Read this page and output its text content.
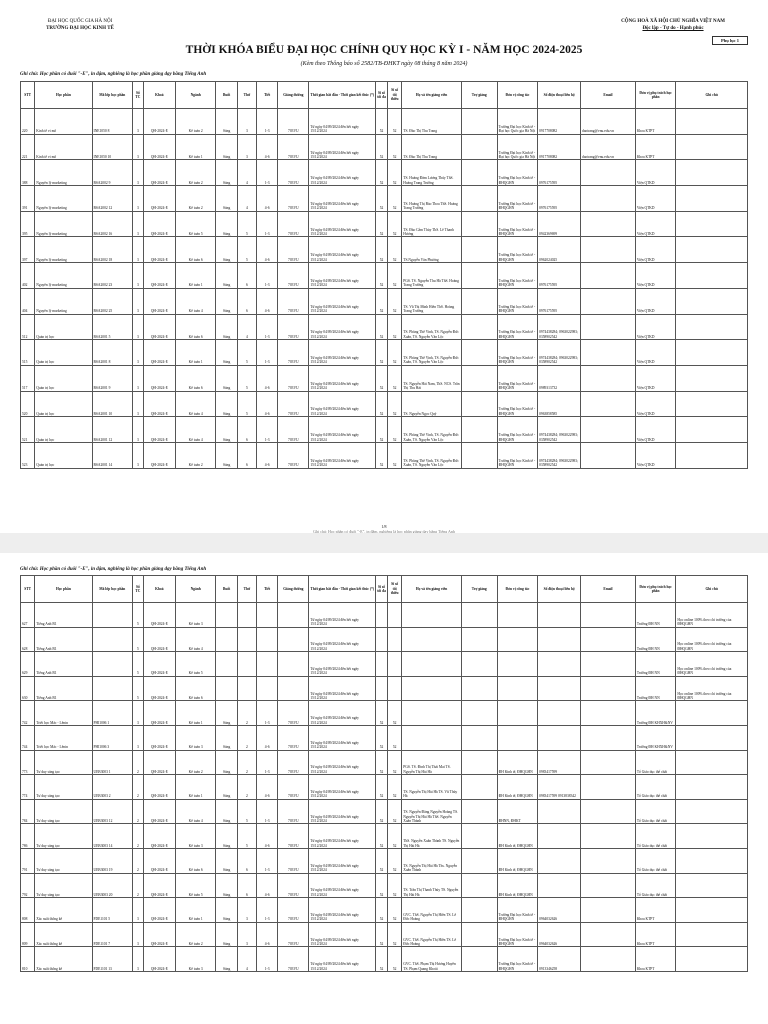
ĐẠI HỌC QUỐC GIA HÀ NỘI
TRƯỜNG ĐẠI HỌC KINH TẾ
CỘNG HOÀ XÃ HỘI CHỦ NGHĨA VIỆT NAM
Độc lập - Tự do - Hạnh phúc
Phụ lục 1
THỜI KHÓA BIỂU ĐẠI HỌC CHÍNH QUY HỌC KỲ I - NĂM HỌC 2024-2025
(Kèm theo Thông báo số 2582/TB-ĐHKT ngày 08 tháng 8 năm 2024)
Ghi chú: Học phần có đuôi "-E", in đậm, nghiêng là học phần giảng dạy bằng Tiếng Anh
STT	Học phần	Mã lớp học phần	Số TC	Khoá	Ngành	Buổi	Thứ	Tiết	Giảng đường	Thời gian bắt đầu - Thời gian kết thúc (*)	Sĩ số tối đa	Sĩ số tối thiểu	Họ và tên giảng viên	Trợ giảng	Đơn vị công tác	Số điện thoại liên hệ	Email	Đơn vị phụ trách học phần	Ghi chú
220	Kinh tế vi mô	INE1050 8	3	QH-2024-E	Kế toán 2	Sáng	3	1-3	703VU	Từ ngày 04/09/2024 đến hết ngày 15/12/2024	52	52	TS. Đào Thị Thu Trang		Trường Đại học Kinh tế - Đại học Quốc gia Hà Nội	0917708082	daotrang@vnu.edu.vn	Khoa KTPT	
221	Kinh tế vi mô	INE1050 10	3	QH-2024-E	Kế toán 1	Sáng	3	4-6	703VU	Từ ngày 04/09/2024 đến hết ngày 15/12/2024	52	52	TS. Đào Thị Thu Trang		Trường Đại học Kinh tế - Đại học Quốc gia Hà Nội	0917708082	daotrang@vnu.edu.vn	Khoa KTPT	
388	Nguyên lý marketing	BSA2002 9	3	QH-2024-E	Kế toán 2	Sáng	4	1-3	703VU	Từ ngày 04/09/2024 đến hết ngày 15/12/2024	52	52	TS. Hoàng Đàm Lương Thúy ThS. Hoàng Trang Trường		Trường Đại học Kinh tế - ĐHQGHN	0976175595		Viện QTKD	
391	Nguyên lý marketing	BSA2002 12	3	QH-2024-E	Kế toán 2	Sáng	4	4-6	703VU	Từ ngày 04/09/2024 đến hết ngày 15/12/2024	52	52	TS. Hoàng Thị Bảo Thoa ThS. Hoàng Trang Trường		Trường Đại học Kinh tế - ĐHQGHN	0976175595		Viện QTKD	
395	Nguyên lý marketing	BSA2002 16	3	QH-2024-E	Kế toán 5	Sáng	5	1-3	703VU	Từ ngày 04/09/2024 đến hết ngày 15/12/2024	52	52	TS. Đào Cẩm Thủy ThS. Lê Thanh Hương		Trường Đại học Kinh tế - ĐHQGHN	0942369699		Viện QTKD	
397	Nguyên lý marketing	BSA2002 18	3	QH-2024-E	Kế toán 6	Sáng	5	4-6	703VU	Từ ngày 04/09/2024 đến hết ngày 15/12/2024	52	52	TS.Nguyễn Văn Phương		Trường Đại học Kinh tế - ĐHQGHN	0962024025		Viện QTKD	
402	Nguyên lý marketing	BSA2002 23	3	QH-2024-E	Kế toán 1	Sáng	6	1-3	703VU	Từ ngày 04/09/2024 đến hết ngày 15/12/2024	52	52	PGS. TS. Nguyễn Thu Hà ThS. Hoàng Trang Trường		Trường Đại học Kinh tế - ĐHQGHN	0976175595		Viện QTKD	
404	Nguyên lý marketing	BSA2002 25	3	QH-2024-E	Kế toán 4	Sáng	6	4-6	703VU	Từ ngày 04/09/2024 đến hết ngày 15/12/2024	52	52	TS. Vũ Thị Minh Hiền ThS. Hoàng Trang Trường		Trường Đại học Kinh tế - ĐHQGHN	0976175595		Viện QTKD	
512	Quản trị học	BSA2001 5	3	QH-2024-E	Kế toán 6	Sáng	4	1-3	703VU	Từ ngày 04/09/2024 đến hết ngày 15/12/2024	52	52	TS. Phùng Thế Vinh, TS. Nguyễn Đức Xuân, TS. Nguyễn Văn Lộc		Trường Đại học Kinh tế - ĐHQGHN	0974438284; 0963022983; 0358902542		Viện QTKD	
515	Quản trị học	BSA2001 8	3	QH-2024-E	Kế toán 1	Sáng	5	1-3	703VU	Từ ngày 04/09/2024 đến hết ngày 15/12/2024	52	52	TS. Phùng Thế Vinh, TS. Nguyễn Đức Xuân, TS. Nguyễn Văn Lộc		Trường Đại học Kinh tế - ĐHQGHN	0974438284; 0963022983; 0358902542		Viện QTKD	
517	Quản trị học	BSA2001 9	3	QH-2024-E	Kế toán 6	Sáng	5	4-6	703VU	Từ ngày 04/09/2024 đến hết ngày 15/12/2024	52	52	TS. Nguyễn Hải Nam, ThS. NCS. Trần Thị Thu Hải		Trường Đại học Kinh tế - ĐHQGHN	0989313732		Viện QTKD	
520	Quản trị học	BSA2001 10	3	QH-2024-E	Kế toán 4	Sáng	5	4-6	703VU	Từ ngày 04/09/2024 đến hết ngày 15/12/2024	52	52	TS. Nguyễn Ngọc Quý		Trường Đại học Kinh tế - ĐHQGHN	0963858585		Viện QTKD	
521	Quản trị học	BSA2001 12	3	QH-2024-E	Kế toán 4	Sáng	6	1-3	703VU	Từ ngày 04/09/2024 đến hết ngày 15/12/2024	52	52	TS. Phùng Thế Vinh, TS. Nguyễn Đức Xuân, TS. Nguyễn Văn Lộc		Trường Đại học Kinh tế - ĐHQGHN	0974438284; 0963022983; 0358902542		Viện QTKD	
523	Quản trị học	BSA2001 14	3	QH-2024-E	Kế toán 2	Sáng	6	4-6	703VU	Từ ngày 04/09/2024 đến hết ngày 15/12/2024	52	52	TS. Phùng Thế Vinh, TS. Nguyễn Đức Xuân, TS. Nguyễn Văn Lộc		Trường Đại học Kinh tế - ĐHQGHN	0974438284; 0963022983; 0358902542		Viện QTKD	
1/8
Ghi chú: Học phần có đuôi "-E", in đậm, nghiêng là học phần giảng dạy bằng Tiếng Anh
Ghi chú: Học phần có đuôi "-E", in đậm, nghiêng là học phần giảng dạy bằng Tiếng Anh
STT	Học phần	Mã lớp học phần	Số TC	Khoá	Ngành	Buổi	Thứ	Tiết	Giảng đường	Thời gian bắt đầu - Thời gian kết thúc (*)	Sĩ số tối đa	Sĩ số tối thiểu	Họ và tên giảng viên	Trợ giảng	Đơn vị công tác	Số điện thoại liên hệ	Email	Đơn vị phụ trách học phần	Ghi chú
627	Tiếng Anh B1		5	QH-2024-E	Kế toán 3					Từ ngày 04/09/2024 đến hết ngày 15/12/2024								Trường ĐH NN	Học online 100% theo chỉ trường của ĐHQGHN
628	Tiếng Anh B1		5	QH-2024-E	Kế toán 4					Từ ngày 04/09/2024 đến hết ngày 15/12/2024								Trường ĐH NN	Học online 100% theo chỉ trường của ĐHQGHN
629	Tiếng Anh B1		5	QH-2024-E	Kế toán 5					Từ ngày 04/09/2024 đến hết ngày 15/12/2024								Trường ĐH NN	Học online 100% theo chỉ trường của ĐHQGHN
630	Tiếng Anh B1		5	QH-2024-E	Kế toán 6					Từ ngày 04/09/2024 đến hết ngày 15/12/2024								Trường ĐH NN	Học online 100% theo chỉ trường của ĐHQGHN
742	Triết học Mác - Lênin	PHI1006 1	3	QH-2024-E	Kế toán 1	Sáng	2	1-3	703VU	Từ ngày 04/09/2024 đến hết ngày 15/12/2024	52	52						Trường ĐH KHXH&NV	
744	Triết học Mác - Lênin	PHI1006 3	3	QH-2024-E	Kế toán 3	Sáng	2	4-6	703VU	Từ ngày 04/09/2024 đến hết ngày 15/12/2024	52	52						Trường ĐH KHXH&NV	
773	Tư duy sáng tạo	UEB3003 1	2	QH-2024-E	Kế toán 2	Sáng	2	1-3	703VU	Từ ngày 04/09/2024 đến hết ngày 15/12/2024	52	52	PGS. TS. Đinh Thị Thái Mai TS. Nguyễn Thị Hải Hà		ĐH Kinh tế, ĐHQGHN	0983417599		Tổ Giáo dục thể chất	
774	Tư duy sáng tạo	UEB3003 2	2	QH-2024-E	Kế toán 1	Sáng	2	4-6	703VU	Từ ngày 04/09/2024 đến hết ngày 15/12/2024	52	52	TS. Nguyễn Thị Hải Hà TS. Vũ Thùy Hà		ĐH Kinh tế, ĐHQGHN	0983417599 0913838342		Tổ Giáo dục thể chất	
784	Tư duy sáng tạo	UEB3003 12	2	QH-2024-E	Kế toán 4	Sáng	5	1-3	703VU	Từ ngày 04/09/2024 đến hết ngày 15/12/2024	52	52	TS. Nguyễn Đăng Nguyễn Hoàng TS. Nguyễn Thị Hải Hà ThS. Nguyễn Xuân Thành		ĐHNN, ĐHKT			Tổ Giáo dục thể chất	
786	Tư duy sáng tạo	UEB3003 14	2	QH-2024-E	Kế toán 3	Sáng	5	4-6	703VU	Từ ngày 04/09/2024 đến hết ngày 15/12/2024	52	52	ThS. Nguyễn Xuân Thành TS. Nguyễn Thị Hải Hà		ĐH Kinh tế, ĐHQGHN			Tổ Giáo dục thể chất	
791	Tư duy sáng tạo	UEB3003 19	2	QH-2024-E	Kế toán 6	Sáng	6	1-3	703VU	Từ ngày 04/09/2024 đến hết ngày 15/12/2024	52	52	TS. Nguyễn Thị Hải Hà Ths. Nguyễn Xuân Thành		ĐH Kinh tế, ĐHQGHN			Tổ Giáo dục thể chất	
792	Tư duy sáng tạo	UEB3003 20	2	QH-2024-E	Kế toán 5	Sáng	6	4-6	703VU	Từ ngày 04/09/2024 đến hết ngày 15/12/2024	52	52	TS. Trần Thị Thanh Thủy TS. Nguyễn Thị Hải Hà		ĐH Kinh tế, ĐHQGHN			Tổ Giáo dục thể chất	
808	Xác suất thống kê	FDE1101 5	3	QH-2024-E	Kế toán 1	Sáng	3	1-3	703VU	Từ ngày 04/09/2024 đến hết ngày 15/12/2024	52	52	GVC. ThS. Nguyễn Thị Hiền TS. Lê Đức Hoàng		Trường Đại học Kinh tế - ĐHQGHN	0964032626		Khoa KTPT	
809	Xác suất thống kê	FDE1101 7	3	QH-2024-E	Kế toán 2	Sáng	3	4-6	703VU	Từ ngày 04/09/2024 đến hết ngày 15/12/2024	52	52	GVC. ThS. Nguyễn Thị Hiền TS. Lê Đức Hoàng		Trường Đại học Kinh tế - ĐHQGHN	0964032626		Khoa KTPT	
810	Xác suất thống kê	FDE1101 13	3	QH-2024-E	Kế toán 3	Sáng	4	1-3	703VU	Từ ngày 04/09/2024 đến hết ngày 15/12/2024	52	52	GVC. ThS. Phạm Thị Hương Huyền TS. Phạm Quang Khoái		Trường Đại học Kinh tế - ĐHQGHN	0913346258		Khoa KTPT	
